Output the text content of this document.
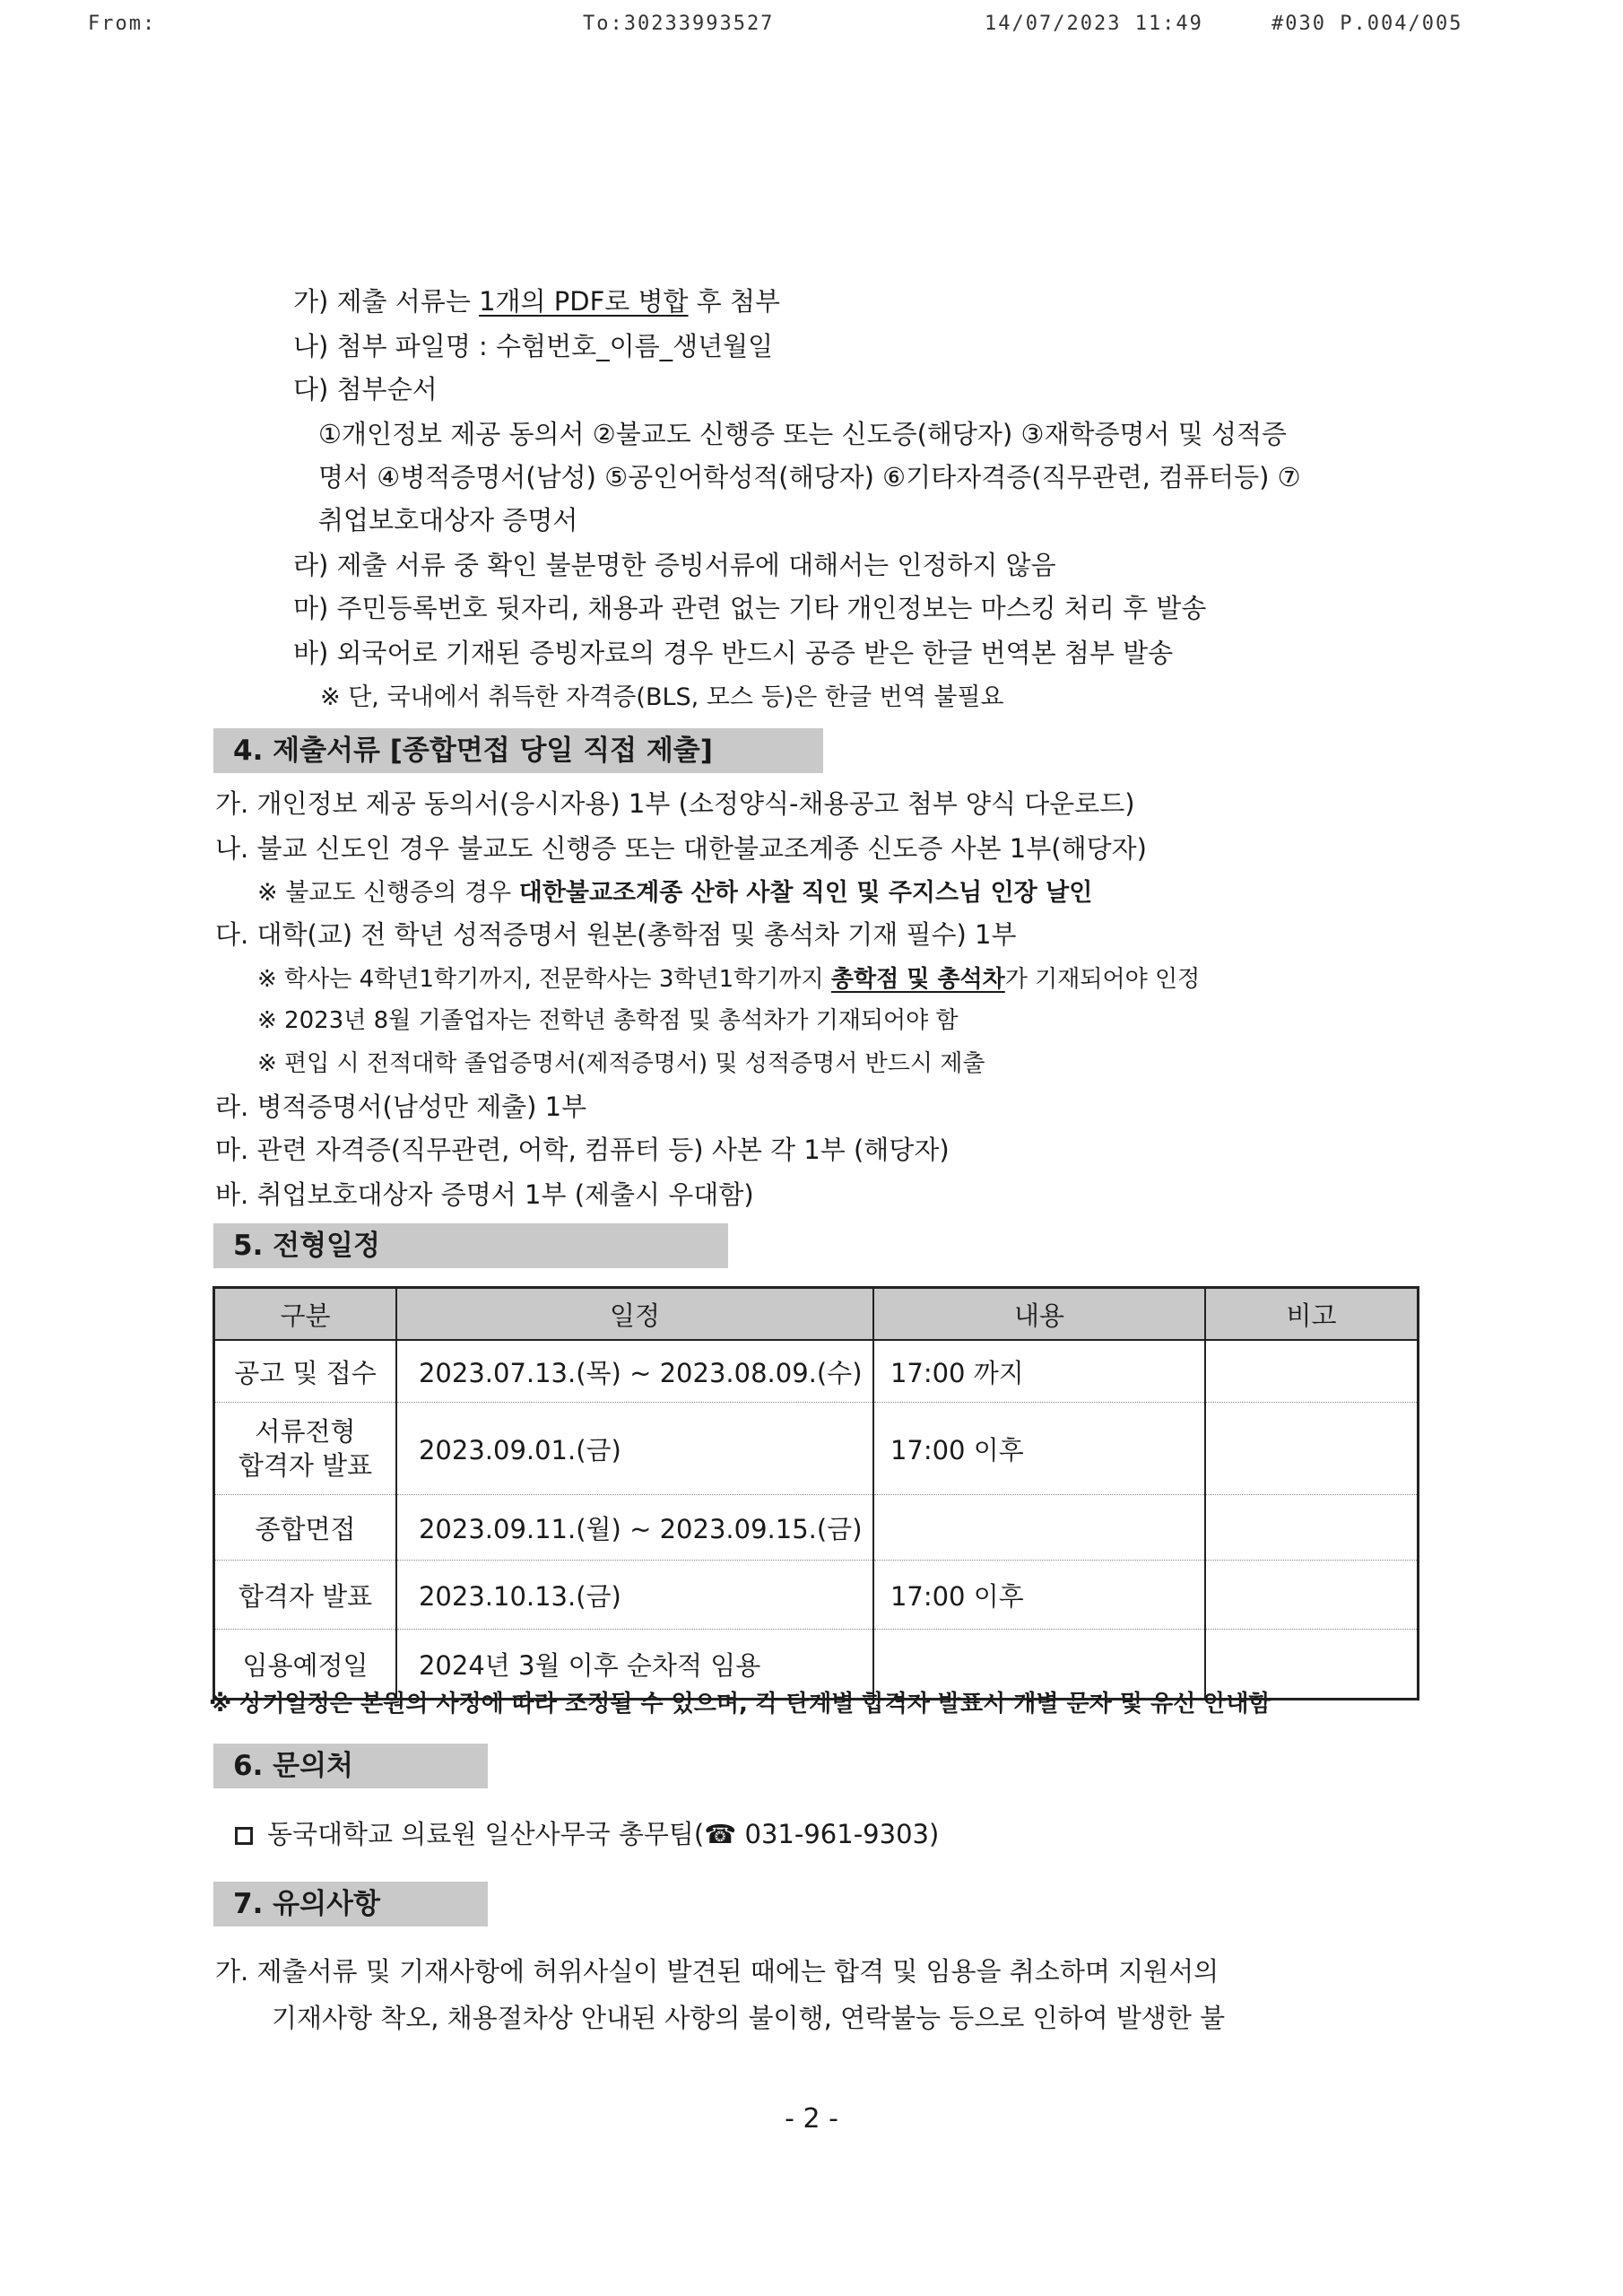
From:	To:30233993527	14/07/2023 11:49	#030 P.004/005
가) 제출 서류는 1개의 PDF로 병합 후 첨부
나) 첨부 파일명 : 수험번호_이름_생년월일
다) 첨부순서
①개인정보 제공 동의서 ②불교도 신행증 또는 신도증(해당자) ③재학증명서 및 성적증
명서 ④병적증명서(남성) ⑤공인어학성적(해당자) ⑥기타자격증(직무관련, 컴퓨터등) ⑦
취업보호대상자 증명서
라) 제출 서류 중 확인 불분명한 증빙서류에 대해서는 인정하지 않음
마) 주민등록번호 뒷자리, 채용과 관련 없는 기타 개인정보는 마스킹 처리 후 발송
바) 외국어로 기재된 증빙자료의 경우 반드시 공증 받은 한글 번역본 첨부 발송
※ 단, 국내에서 취득한 자격증(BLS, 모스 등)은 한글 번역 불필요
4. 제출서류 [종합면접 당일 직접 제출]
가. 개인정보 제공 동의서(응시자용) 1부 (소정양식-채용공고 첨부 양식 다운로드)
나. 불교 신도인 경우 불교도 신행증 또는 대한불교조계종 신도증 사본 1부(해당자)
※ 불교도 신행증의 경우 대한불교조계종 산하 사찰 직인 및 주지스님 인장 날인
다. 대학(교) 전 학년 성적증명서 원본(총학점 및 총석차 기재 필수) 1부
※ 학사는 4학년1학기까지, 전문학사는 3학년1학기까지 총학점 및 총석차가 기재되어야 인정
※ 2023년 8월 기졸업자는 전학년 총학점 및 총석차가 기재되어야 함
※ 편입 시 전적대학 졸업증명서(제적증명서) 및 성적증명서 반드시 제출
라. 병적증명서(남성만 제출) 1부
마. 관련 자격증(직무관련, 어학, 컴퓨터 등) 사본 각 1부 (해당자)
바. 취업보호대상자 증명서 1부 (제출시 우대함)
5. 전형일정
구분	일정	내용	비고
공고 및 접수	2023.07.13.(목) ~ 2023.08.09.(수)	17:00 까지	
서류전형
합격자 발표	2023.09.01.(금)	17:00 이후	
종합면접	2023.09.11.(월) ~ 2023.09.15.(금)		
합격자 발표	2023.10.13.(금)	17:00 이후	
임용예정일	2024년 3월 이후 순차적 임용		
※ 상기일정은 본원의 사정에 따라 조정될 수 있으며, 각 단계별 합격자 발표시 개별 문자 및 유선 안내함
6. 문의처
동국대학교 의료원 일산사무국 총무팀(☎ 031-961-9303)
7. 유의사항
가. 제출서류 및 기재사항에 허위사실이 발견된 때에는 합격 및 임용을 취소하며 지원서의
기재사항 착오, 채용절차상 안내된 사항의 불이행, 연락불능 등으로 인하여 발생한 불
- 2 -
